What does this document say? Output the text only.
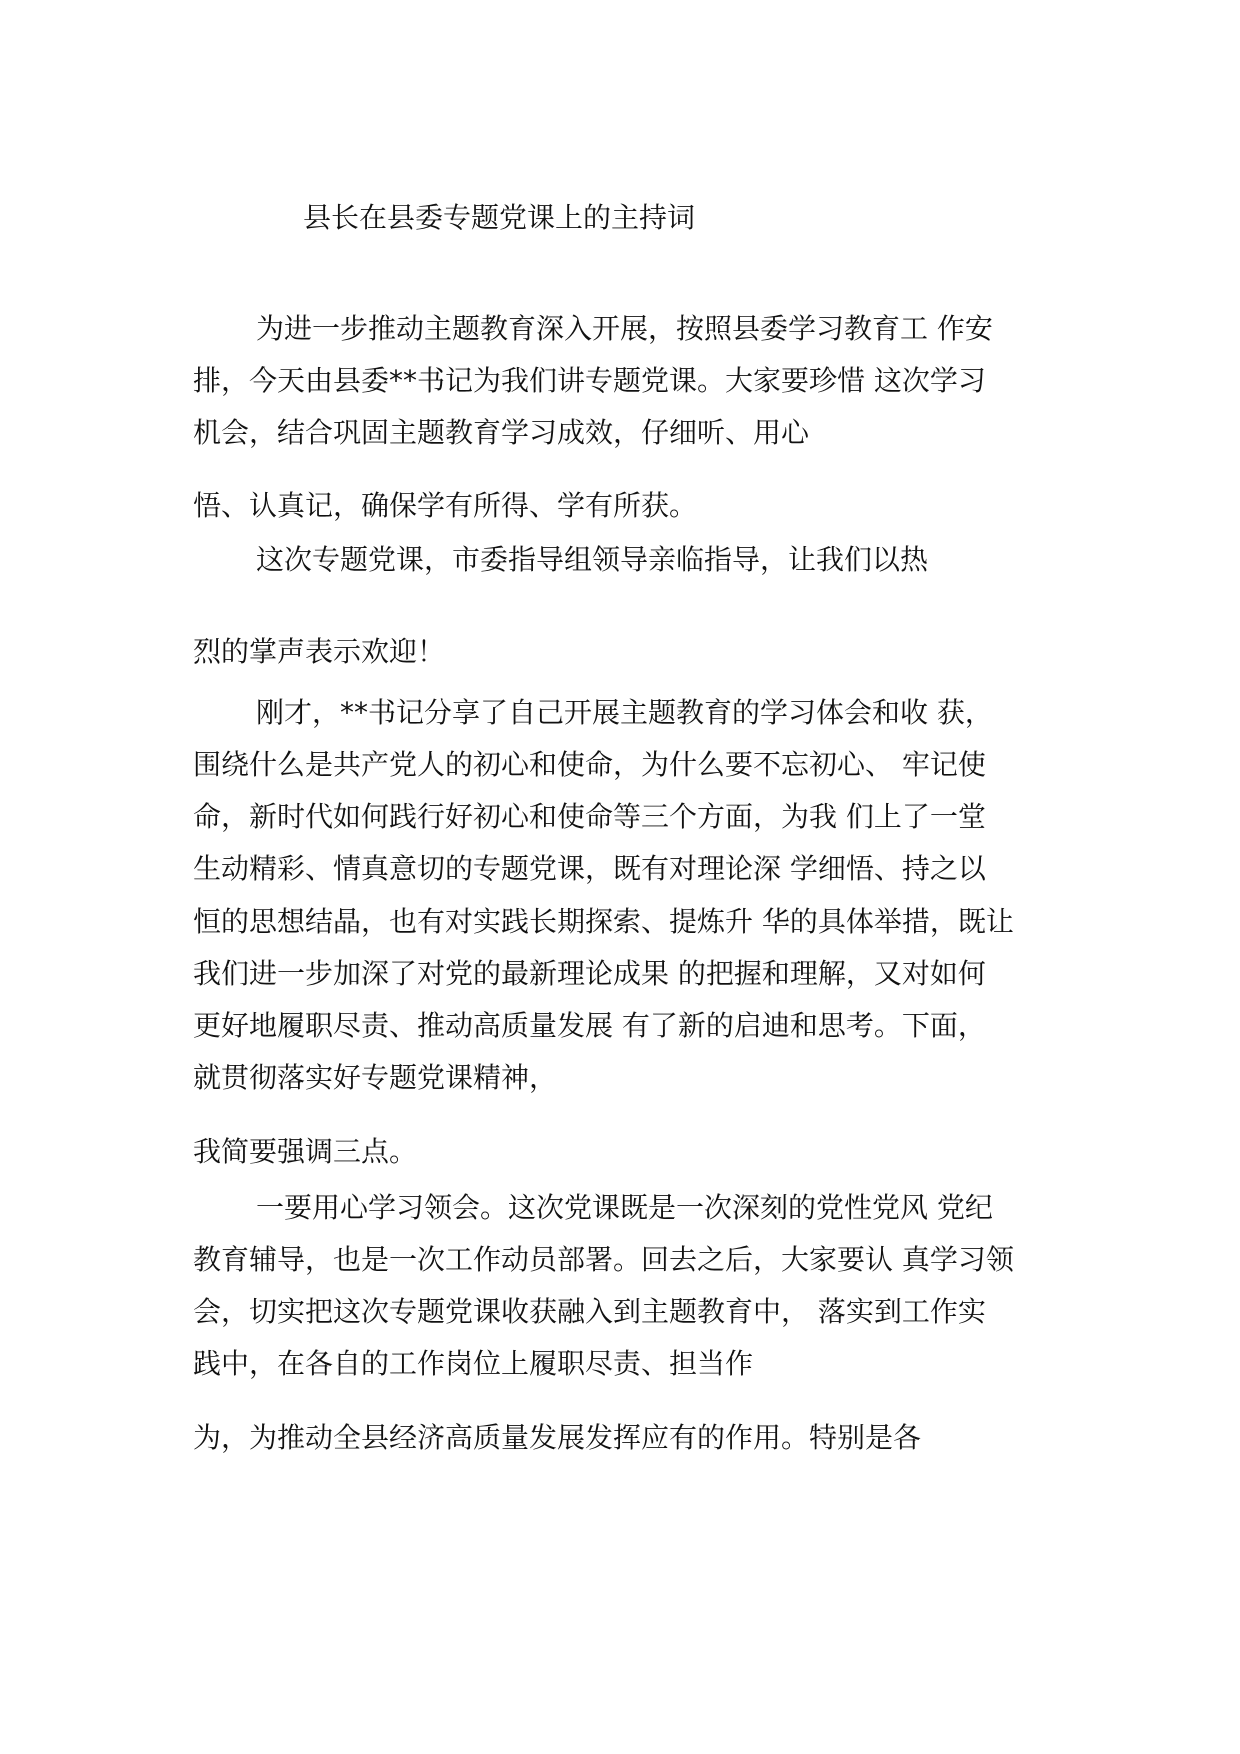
县长在县委专题党课上的主持词

为进一步推动主题教育深入开展，按照县委学习教育工 作安

排，今天由县委**书记为我们讲专题党课。大家要珍惜 这次学习

机会，结合巩固主题教育学习成效，仔细听、用心

悟、认真记，确保学有所得、学有所获。

这次专题党课，市委指导组领导亲临指导，让我们以热

烈的掌声表示欢迎！

刚才，**书记分享了自己开展主题教育的学习体会和收 获，

围绕什么是共产党人的初心和使命，为什么要不忘初心、 牢记使

命，新时代如何践行好初心和使命等三个方面，为我 们上了一堂

生动精彩、情真意切的专题党课，既有对理论深 学细悟、持之以

恒的思想结晶，也有对实践长期探索、提炼升 华的具体举措，既让

我们进一步加深了对党的最新理论成果 的把握和理解，又对如何

更好地履职尽责、推动高质量发展 有了新的启迪和思考。下面，

就贯彻落实好专题党课精神，

我简要强调三点。

一要用心学习领会。这次党课既是一次深刻的党性党风 党纪

教育辅导，也是一次工作动员部署。回去之后，大家要认 真学习领

会，切实把这次专题党课收获融入到主题教育中， 落实到工作实

践中，在各自的工作岗位上履职尽责、担当作

为，为推动全县经济高质量发展发挥应有的作用。特别是各
